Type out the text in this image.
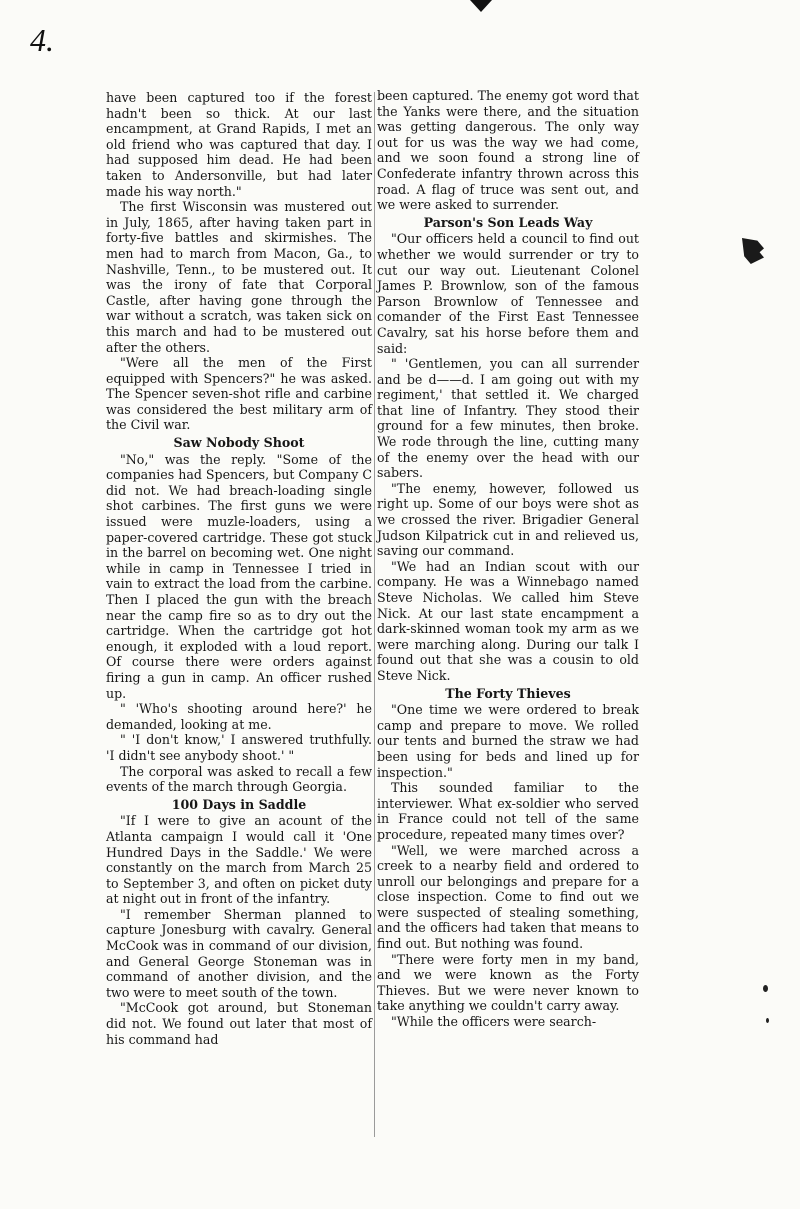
4.

have been captured too if the forest hadn't been so thick. At our last encampment, at Grand Rapids, I met an old friend who was captured that day. I had supposed him dead. He had been taken to Andersonville, but had later made his way north."

The first Wisconsin was mustered out in July, 1865, after having taken part in forty-five battles and skirmishes. The men had to march from Macon, Ga., to Nashville, Tenn., to be mustered out. It was the irony of fate that Corporal Castle, after having gone through the war without a scratch, was taken sick on this march and had to be mustered out after the others.

"Were all the men of the First equipped with Spencers?" he was asked. The Spencer seven-shot rifle and carbine was considered the best military arm of the Civil war.

Saw Nobody Shoot

"No," was the reply. "Some of the companies had Spencers, but Company C did not. We had breach-loading single shot carbines. The first guns we were issued were muzle-loaders, using a paper-covered cartridge. These got stuck in the barrel on becoming wet. One night while in camp in Tennessee I tried in vain to extract the load from the carbine. Then I placed the gun with the breach near the camp fire so as to dry out the cartridge. When the cartridge got hot enough, it exploded with a loud report. Of course there were orders against firing a gun in camp. An officer rushed up.

" 'Who's shooting around here?' he demanded, looking at me.

" 'I don't know,' I answered truthfully. 'I didn't see anybody shoot.' "

The corporal was asked to recall a few events of the march through Georgia.

100 Days in Saddle

"If I were to give an acount of the Atlanta campaign I would call it 'One Hundred Days in the Saddle.' We were constantly on the march from March 25 to September 3, and often on picket duty at night out in front of the infantry.

"I remember Sherman planned to capture Jonesburg with cavalry. General McCook was in command of our division, and General George Stoneman was in command of another division, and the two were to meet south of the town.

"McCook got around, but Stoneman did not. We found out later that most of his command had

been captured. The enemy got word that the Yanks were there, and the situation was getting dangerous. The only way out for us was the way we had come, and we soon found a strong line of Confederate infantry thrown across this road. A flag of truce was sent out, and we were asked to surrender.

Parson's Son Leads Way

"Our officers held a council to find out whether we would surrender or try to cut our way out. Lieutenant Colonel James P. Brownlow, son of the famous Parson Brownlow of Tennessee and comander of the First East Tennessee Cavalry, sat his horse before them and said:

" 'Gentlemen, you can all surrender and be d——d. I am going out with my regiment,' that settled it. We charged that line of Infantry. They stood their ground for a few minutes, then broke. We rode through the line, cutting many of the enemy over the head with our sabers.

"The enemy, however, followed us right up. Some of our boys were shot as we crossed the river. Brigadier General Judson Kilpatrick cut in and relieved us, saving our command.

"We had an Indian scout with our company. He was a Winnebago named Steve Nicholas. We called him Steve Nick. At our last state encampment a dark-skinned woman took my arm as we were marching along. During our talk I found out that she was a cousin to old Steve Nick.

The Forty Thieves

"One time we were ordered to break camp and prepare to move. We rolled our tents and burned the straw we had been using for beds and lined up for inspection."

This sounded familiar to the interviewer. What ex-soldier who served in France could not tell of the same procedure, repeated many times over?

"Well, we were marched across a creek to a nearby field and ordered to unroll our belongings and prepare for a close inspection. Come to find out we were suspected of stealing something, and the officers had taken that means to find out. But nothing was found.

"There were forty men in my band, and we were known as the Forty Thieves. But we were never known to take anything we couldn't carry away.

"While the officers were search-
